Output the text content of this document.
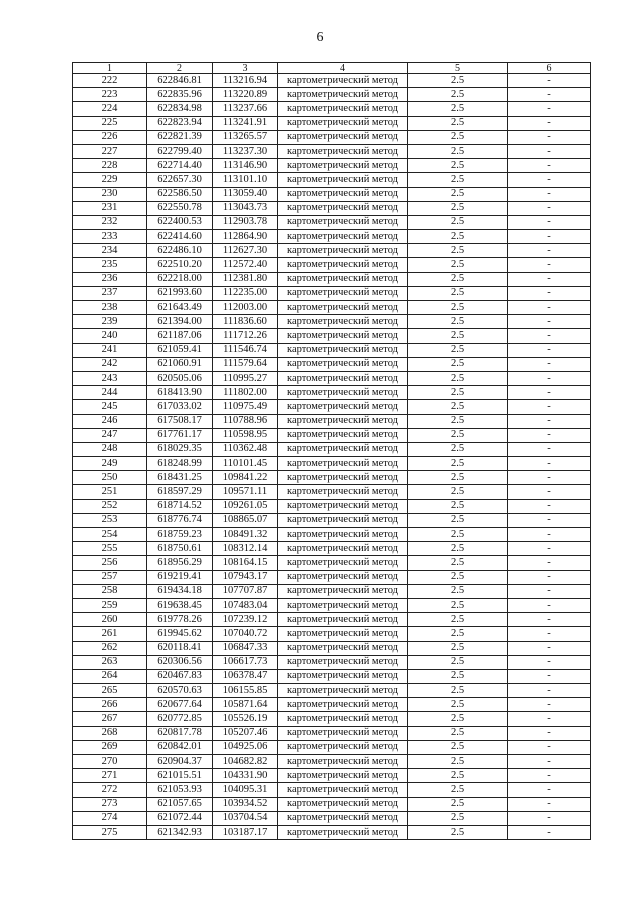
6
1	2	3	4	5	6
222	622846.81	113216.94	картометрический метод	2.5	-
223	622835.96	113220.89	картометрический метод	2.5	-
224	622834.98	113237.66	картометрический метод	2.5	-
225	622823.94	113241.91	картометрический метод	2.5	-
226	622821.39	113265.57	картометрический метод	2.5	-
227	622799.40	113237.30	картометрический метод	2.5	-
228	622714.40	113146.90	картометрический метод	2.5	-
229	622657.30	113101.10	картометрический метод	2.5	-
230	622586.50	113059.40	картометрический метод	2.5	-
231	622550.78	113043.73	картометрический метод	2.5	-
232	622400.53	112903.78	картометрический метод	2.5	-
233	622414.60	112864.90	картометрический метод	2.5	-
234	622486.10	112627.30	картометрический метод	2.5	-
235	622510.20	112572.40	картометрический метод	2.5	-
236	622218.00	112381.80	картометрический метод	2.5	-
237	621993.60	112235.00	картометрический метод	2.5	-
238	621643.49	112003.00	картометрический метод	2.5	-
239	621394.00	111836.60	картометрический метод	2.5	-
240	621187.06	111712.26	картометрический метод	2.5	-
241	621059.41	111546.74	картометрический метод	2.5	-
242	621060.91	111579.64	картометрический метод	2.5	-
243	620505.06	110995.27	картометрический метод	2.5	-
244	618413.90	111802.00	картометрический метод	2.5	-
245	617033.02	110975.49	картометрический метод	2.5	-
246	617508.17	110788.96	картометрический метод	2.5	-
247	617761.17	110598.95	картометрический метод	2.5	-
248	618029.35	110362.48	картометрический метод	2.5	-
249	618248.99	110101.45	картометрический метод	2.5	-
250	618431.25	109841.22	картометрический метод	2.5	-
251	618597.29	109571.11	картометрический метод	2.5	-
252	618714.52	109261.05	картометрический метод	2.5	-
253	618776.74	108865.07	картометрический метод	2.5	-
254	618759.23	108491.32	картометрический метод	2.5	-
255	618750.61	108312.14	картометрический метод	2.5	-
256	618956.29	108164.15	картометрический метод	2.5	-
257	619219.41	107943.17	картометрический метод	2.5	-
258	619434.18	107707.87	картометрический метод	2.5	-
259	619638.45	107483.04	картометрический метод	2.5	-
260	619778.26	107239.12	картометрический метод	2.5	-
261	619945.62	107040.72	картометрический метод	2.5	-
262	620118.41	106847.33	картометрический метод	2.5	-
263	620306.56	106617.73	картометрический метод	2.5	-
264	620467.83	106378.47	картометрический метод	2.5	-
265	620570.63	106155.85	картометрический метод	2.5	-
266	620677.64	105871.64	картометрический метод	2.5	-
267	620772.85	105526.19	картометрический метод	2.5	-
268	620817.78	105207.46	картометрический метод	2.5	-
269	620842.01	104925.06	картометрический метод	2.5	-
270	620904.37	104682.82	картометрический метод	2.5	-
271	621015.51	104331.90	картометрический метод	2.5	-
272	621053.93	104095.31	картометрический метод	2.5	-
273	621057.65	103934.52	картометрический метод	2.5	-
274	621072.44	103704.54	картометрический метод	2.5	-
275	621342.93	103187.17	картометрический метод	2.5	-
